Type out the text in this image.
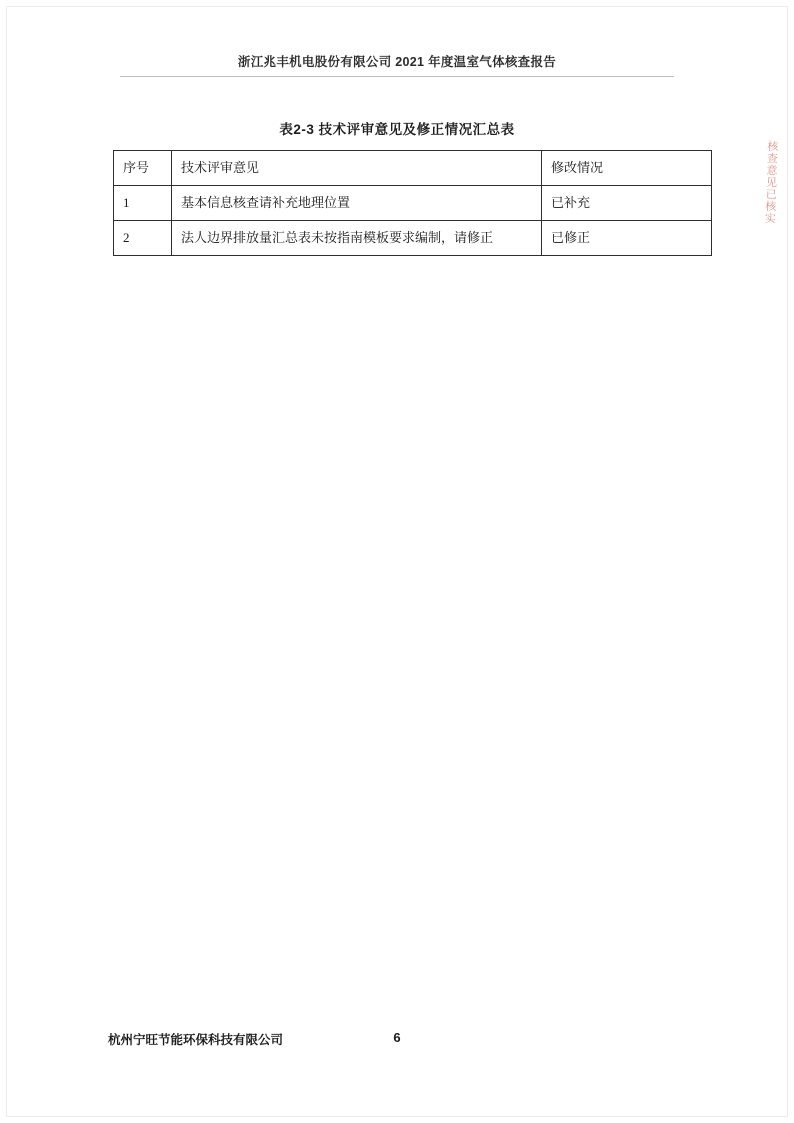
浙江兆丰机电股份有限公司 2021 年度温室气体核查报告
表2-3 技术评审意见及修正情况汇总表
序号	技术评审意见	修改情况
1	基本信息核查请补充地理位置	已补充
2	法人边界排放量汇总表未按指南模板要求编制，请修正	已修正
核查意见已核实
杭州宁旺节能环保科技有限公司	6
